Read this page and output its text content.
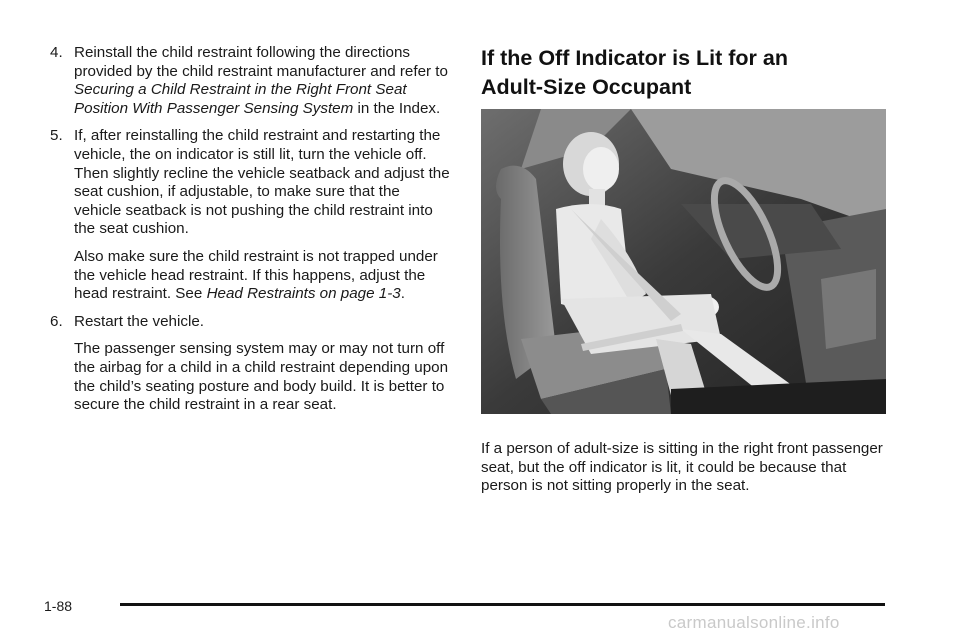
4. Reinstall the child restraint following the directions provided by the child restraint manufacturer and refer to Securing a Child Restraint in the Right Front Seat Position With Passenger Sensing System in the Index.
5. If, after reinstalling the child restraint and restarting the vehicle, the on indicator is still lit, turn the vehicle off. Then slightly recline the vehicle seatback and adjust the seat cushion, if adjustable, to make sure that the vehicle seatback is not pushing the child restraint into the seat cushion.
Also make sure the child restraint is not trapped under the vehicle head restraint. If this happens, adjust the head restraint. See Head Restraints on page 1-3.
6. Restart the vehicle.
The passenger sensing system may or may not turn off the airbag for a child in a child restraint depending upon the child’s seating posture and body build. It is better to secure the child restraint in a rear seat.

If the Off Indicator is Lit for an

Adult-Size Occupant

If a person of adult-size is sitting in the right front passenger seat, but the off indicator is lit, it could be because that person is not sitting properly in the seat.
1-88
carmanualsonline.info
